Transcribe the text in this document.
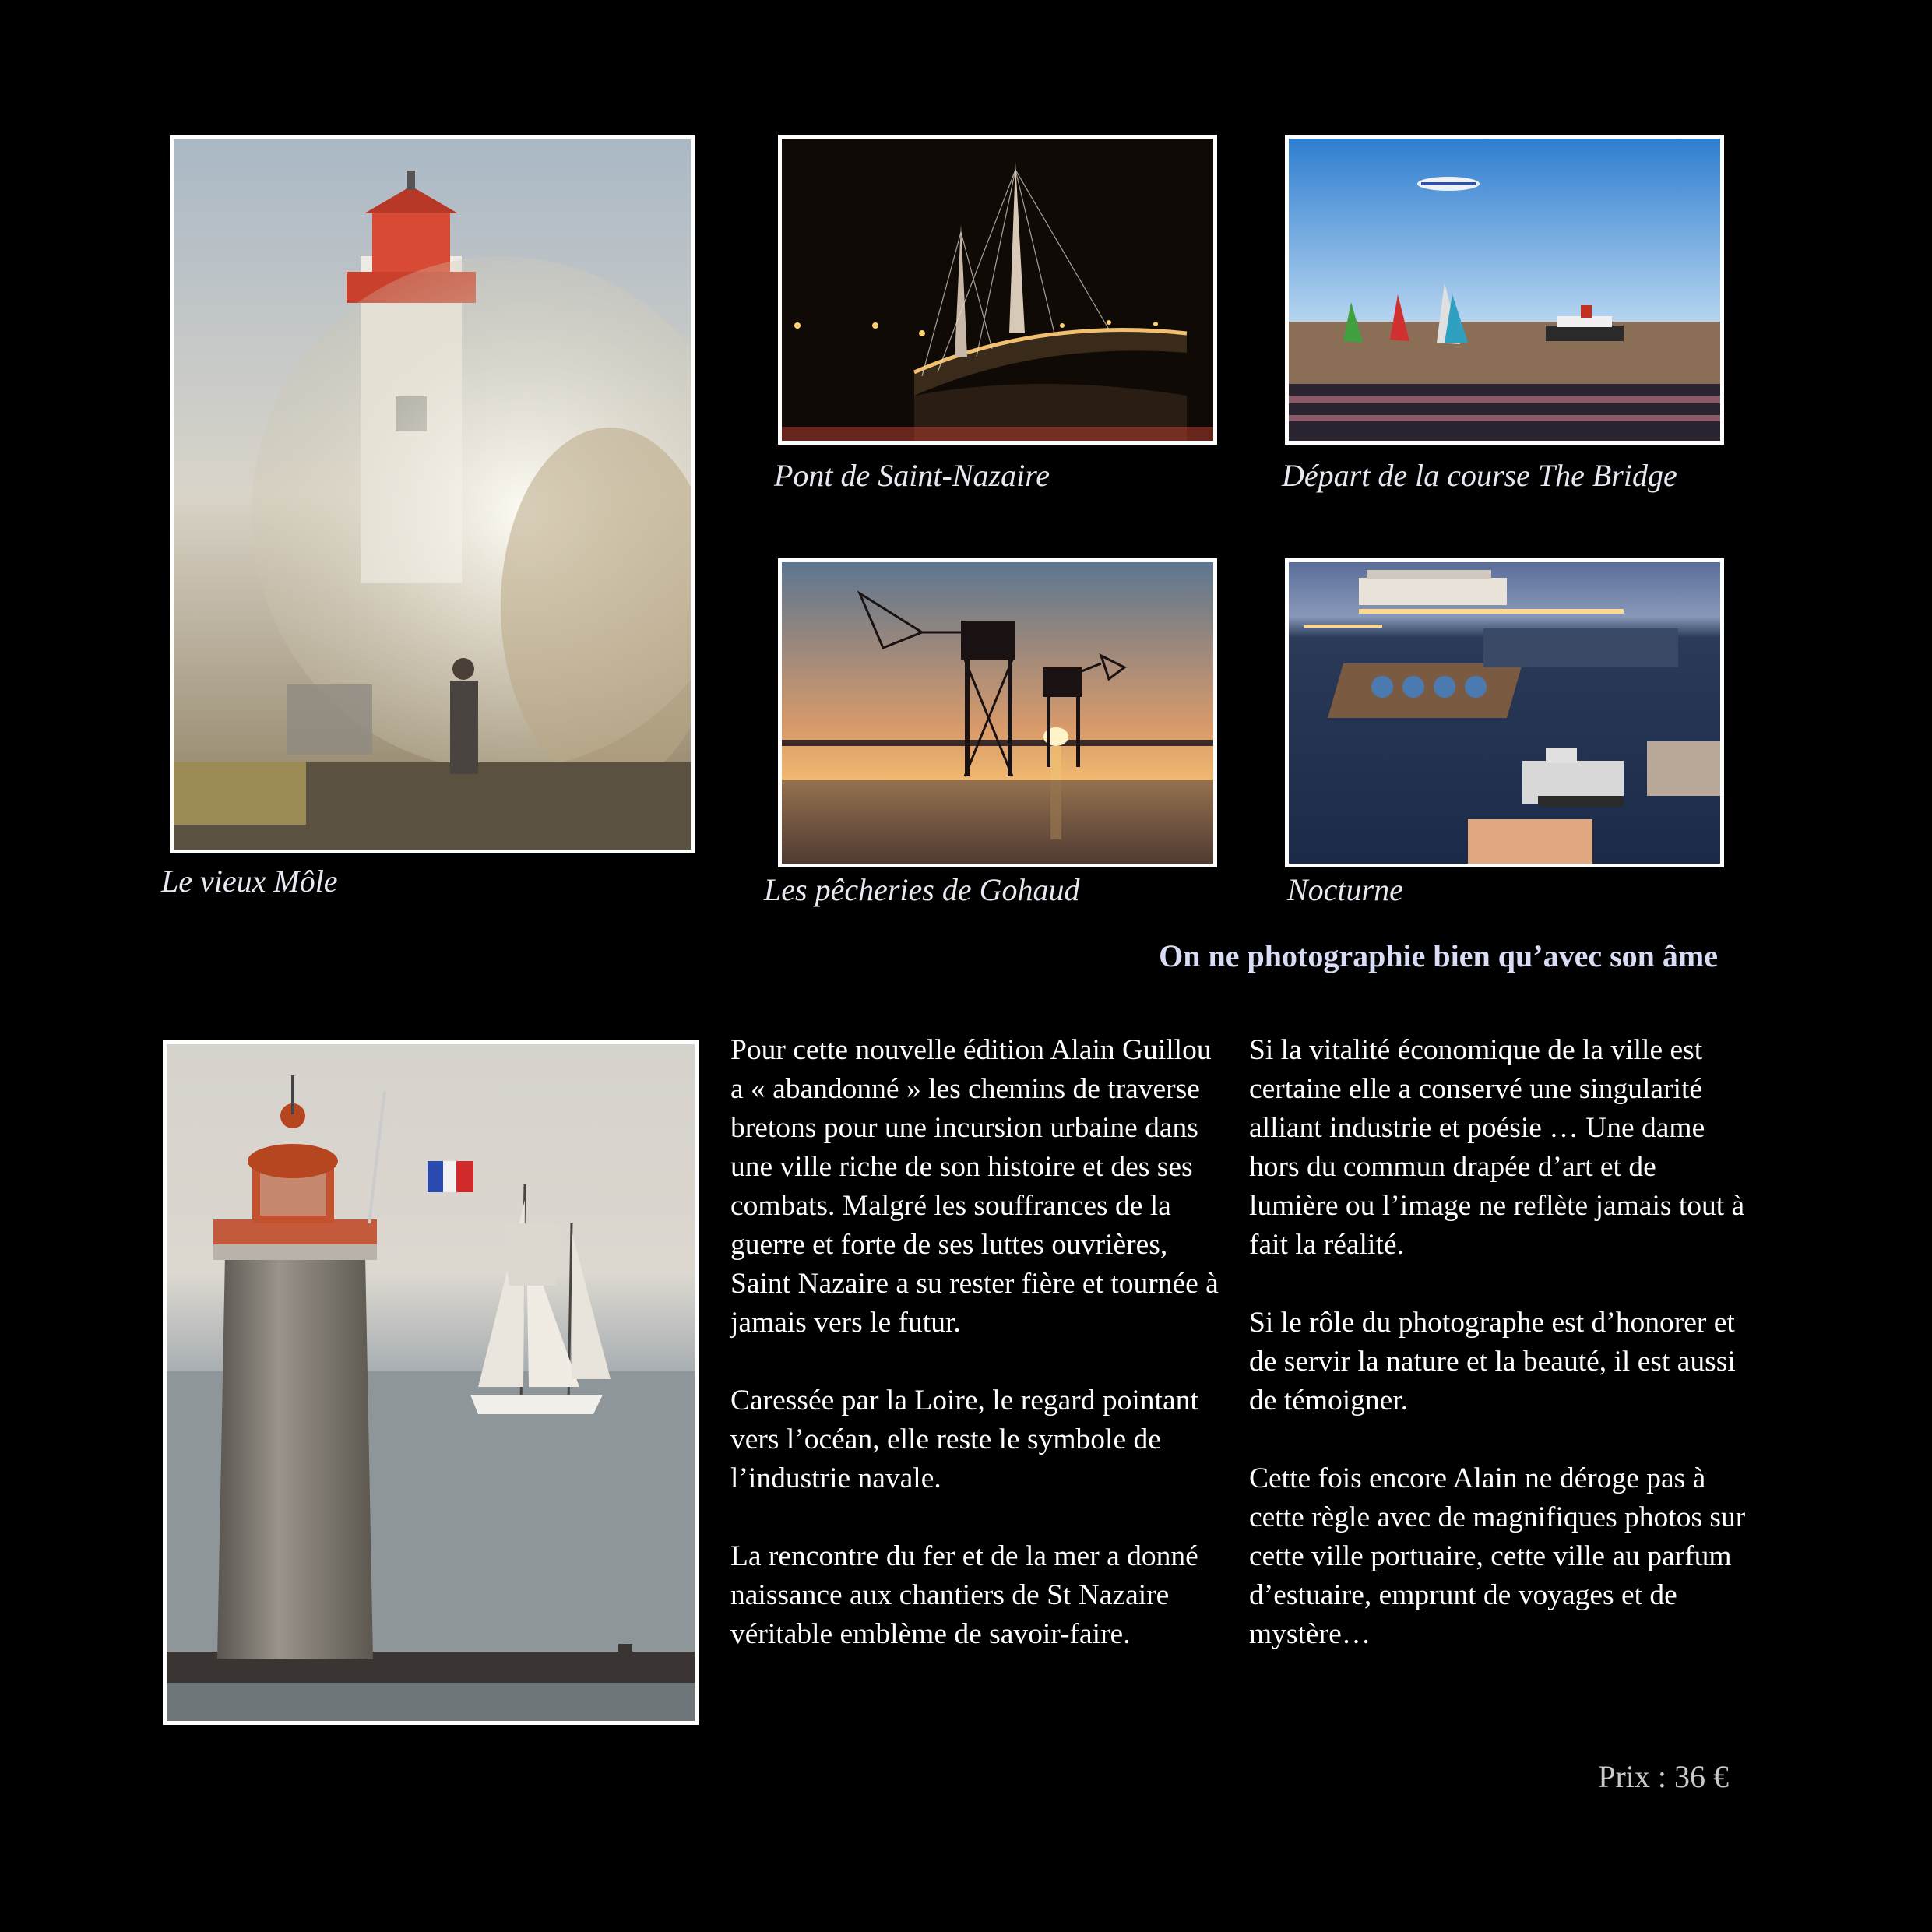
Le vieux Môle
Pont de Saint-Nazaire	Départ de la course The Bridge
Les pêcheries de Gohaud	Nocturne
On ne photographie bien qu’avec son âme

Pour cette nouvelle édition Alain Guillou a « abandonné » les chemins de traverse bretons pour une incursion urbaine dans une ville riche de son histoire et des ses combats. Malgré les souffrances de la guerre et forte de ses luttes ouvrières, Saint Nazaire a su rester fière et tournée à jamais vers le futur.

Caressée par la Loire, le regard pointant vers l’océan, elle reste le symbole de l’industrie navale.

La rencontre du fer et de la mer a donné naissance aux chantiers de St Nazaire véritable emblème de savoir-faire.

Si la vitalité économique de la ville est certaine elle a conservé une singularité alliant industrie et poésie … Une dame hors du commun drapée d’art et de lumière ou l’image ne reflète jamais tout à fait la réalité.

Si le rôle du photographe est d’honorer et de servir la nature et la beauté, il est aussi de témoigner.

Cette fois encore Alain ne déroge pas à cette règle avec de magnifiques photos sur cette ville portuaire, cette ville au parfum d’estuaire, emprunt de voyages et de mystère…

Prix : 36 €
